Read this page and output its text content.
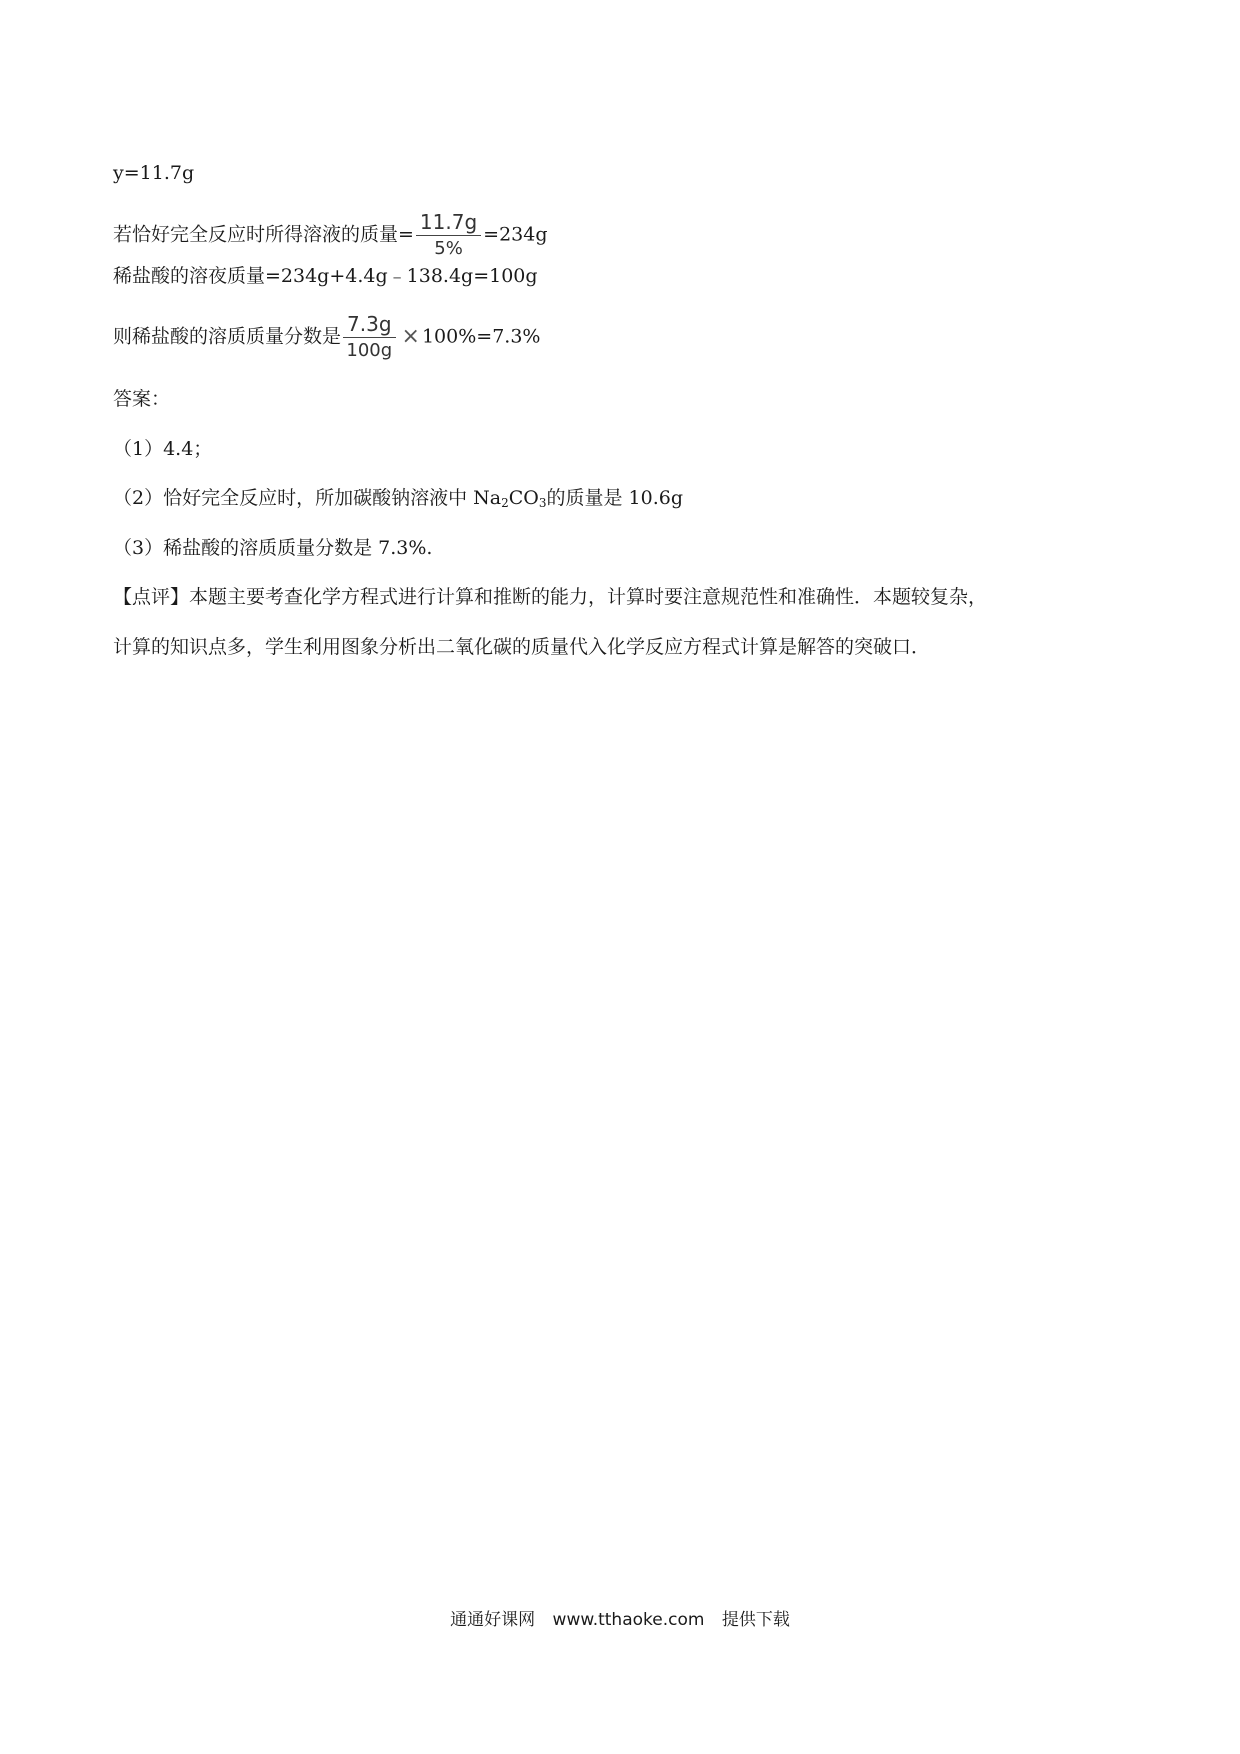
y=11.7g
若恰好完全反应时所得溶液的质量= $\frac{11.7g}{5\%} =234g$
稀盐酸的溶夜质量=234g+4.4g﹣138.4g=100g
则稀盐酸的溶质质量分数是 $\frac{7.3g}{100g} \times 100\%=7.3\%$
答案：
（1）4.4；
（2）恰好完全反应时，所加碳酸钠溶液中 $Na_2CO_3$的质量是 10.6g
（3）稀盐酸的溶质质量分数是 7.3%.
【点评】本题主要考查化学方程式进行计算和推断的能力，计算时要注意规范性和准确性．本题较复杂，
计算的知识点多，学生利用图象分析出二氧化碳的质量代入化学反应方程式计算是解答的突破口．
通通好课网 www.tthaoke.com 提供下载
